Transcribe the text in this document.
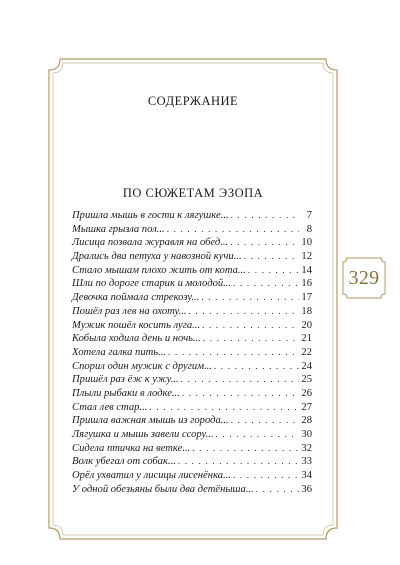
СОДЕРЖАНИЕ
ПО СЮЖЕТАМ ЭЗОПА
Пришла мышь в гости к лягушке... . . .	7
Мышка грызла пол... . . .	8
Лисица позвала журавля на обед... . . .	10
Дрались два петуха у навозной кучи... . . .	12
Стало мышам плохо жить от кота... . . .	14
Шли по дороге старик и молодой... . . .	16
Девочка поймала стрекозу... . . .	17
Пошёл раз лев на охоту... . . .	18
Мужик пошёл косить луга... . . .	20
Кобыла ходила день и ночь... . . .	21
Хотела галка пить... . . .	22
Спорил один мужик с другим... . . .	24
Пришёл раз ёж к ужу... . . .	25
Плыли рыбаки в лодке... . . .	26
Стал лев стар... . . .	27
Пришла важная мышь из города... . . .	28
Лягушка и мышь завели ссору... . . .	30
Сидела птичка на ветке... . . .	32
Волк убегал от собак... . . .	33
Орёл ухватил у лисицы лисенёнка... . . .	34
У одной обезьяны были два детёныша... . . .	36
329
